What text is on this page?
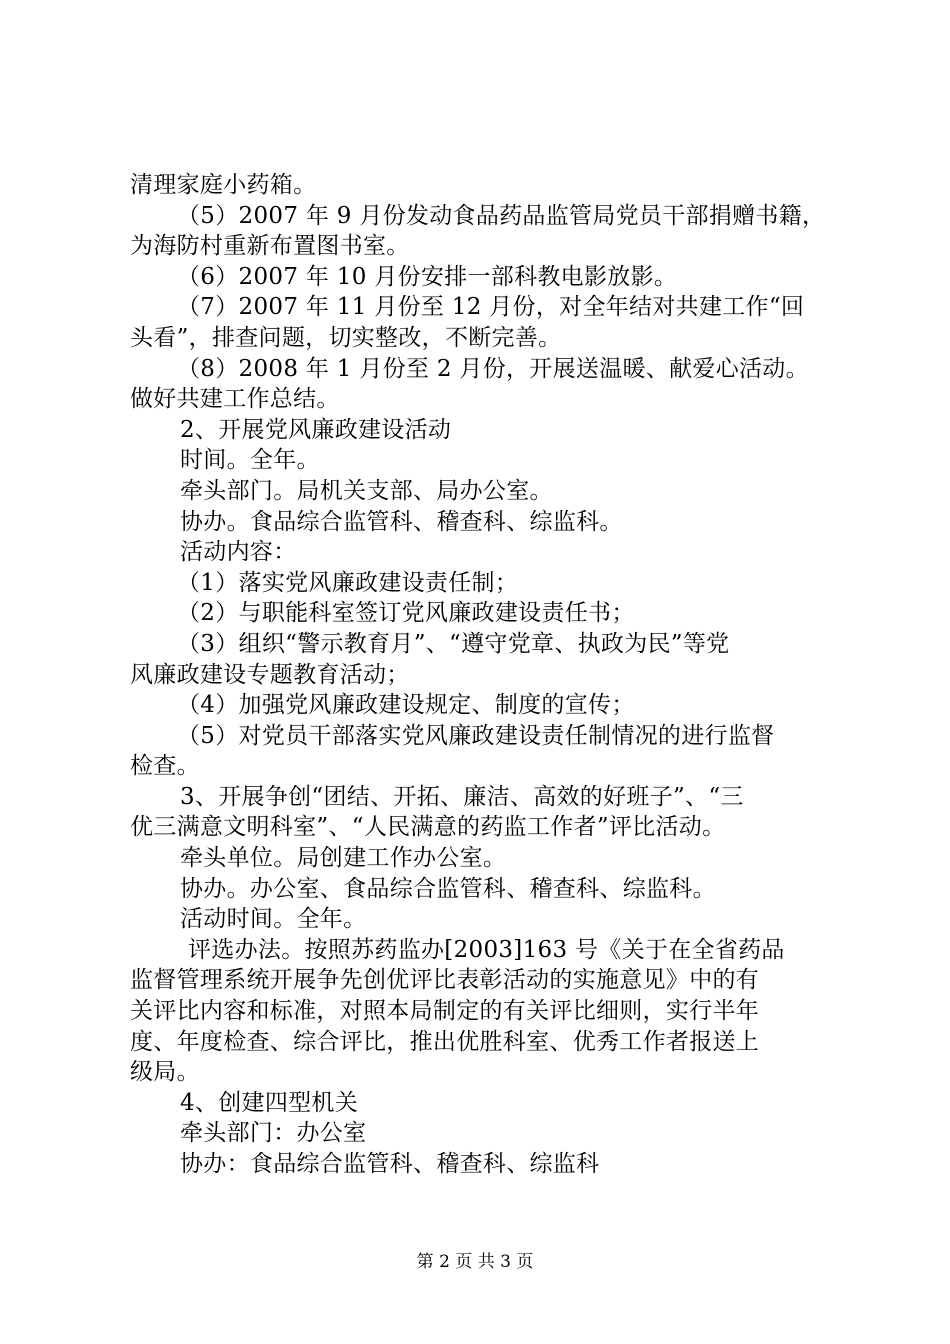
清理家庭小药箱。

（5）2007 年 9 月份发动食品药品监管局党员干部捐赠书籍，

为海防村重新布置图书室。

（6）2007 年 10 月份安排一部科教电影放影。

（7）2007 年 11 月份至 12 月份，对全年结对共建工作“回

头看”，排查问题，切实整改，不断完善。

（8）2008 年 1 月份至 2 月份，开展送温暖、献爱心活动。

做好共建工作总结。

2、开展党风廉政建设活动

时间。全年。

牵头部门。局机关支部、局办公室。

协办。食品综合监管科、稽查科、综监科。

活动内容：

（1）落实党风廉政建设责任制；

（2）与职能科室签订党风廉政建设责任书；

（3）组织“警示教育月”、“遵守党章、执政为民”等党

风廉政建设专题教育活动；

（4）加强党风廉政建设规定、制度的宣传；

（5）对党员干部落实党风廉政建设责任制情况的进行监督

检查。

3、开展争创“团结、开拓、廉洁、高效的好班子”、“三

优三满意文明科室”、“人民满意的药监工作者”评比活动。

牵头单位。局创建工作办公室。

协办。办公室、食品综合监管科、稽查科、综监科。

活动时间。全年。

评选办法。按照苏药监办[2003]163 号《关于在全省药品

监督管理系统开展争先创优评比表彰活动的实施意见》中的有

关评比内容和标准，对照本局制定的有关评比细则，实行半年

度、年度检查、综合评比，推出优胜科室、优秀工作者报送上

级局。

4、创建四型机关

牵头部门：办公室

协办：食品综合监管科、稽查科、综监科

第 2 页 共 3 页
